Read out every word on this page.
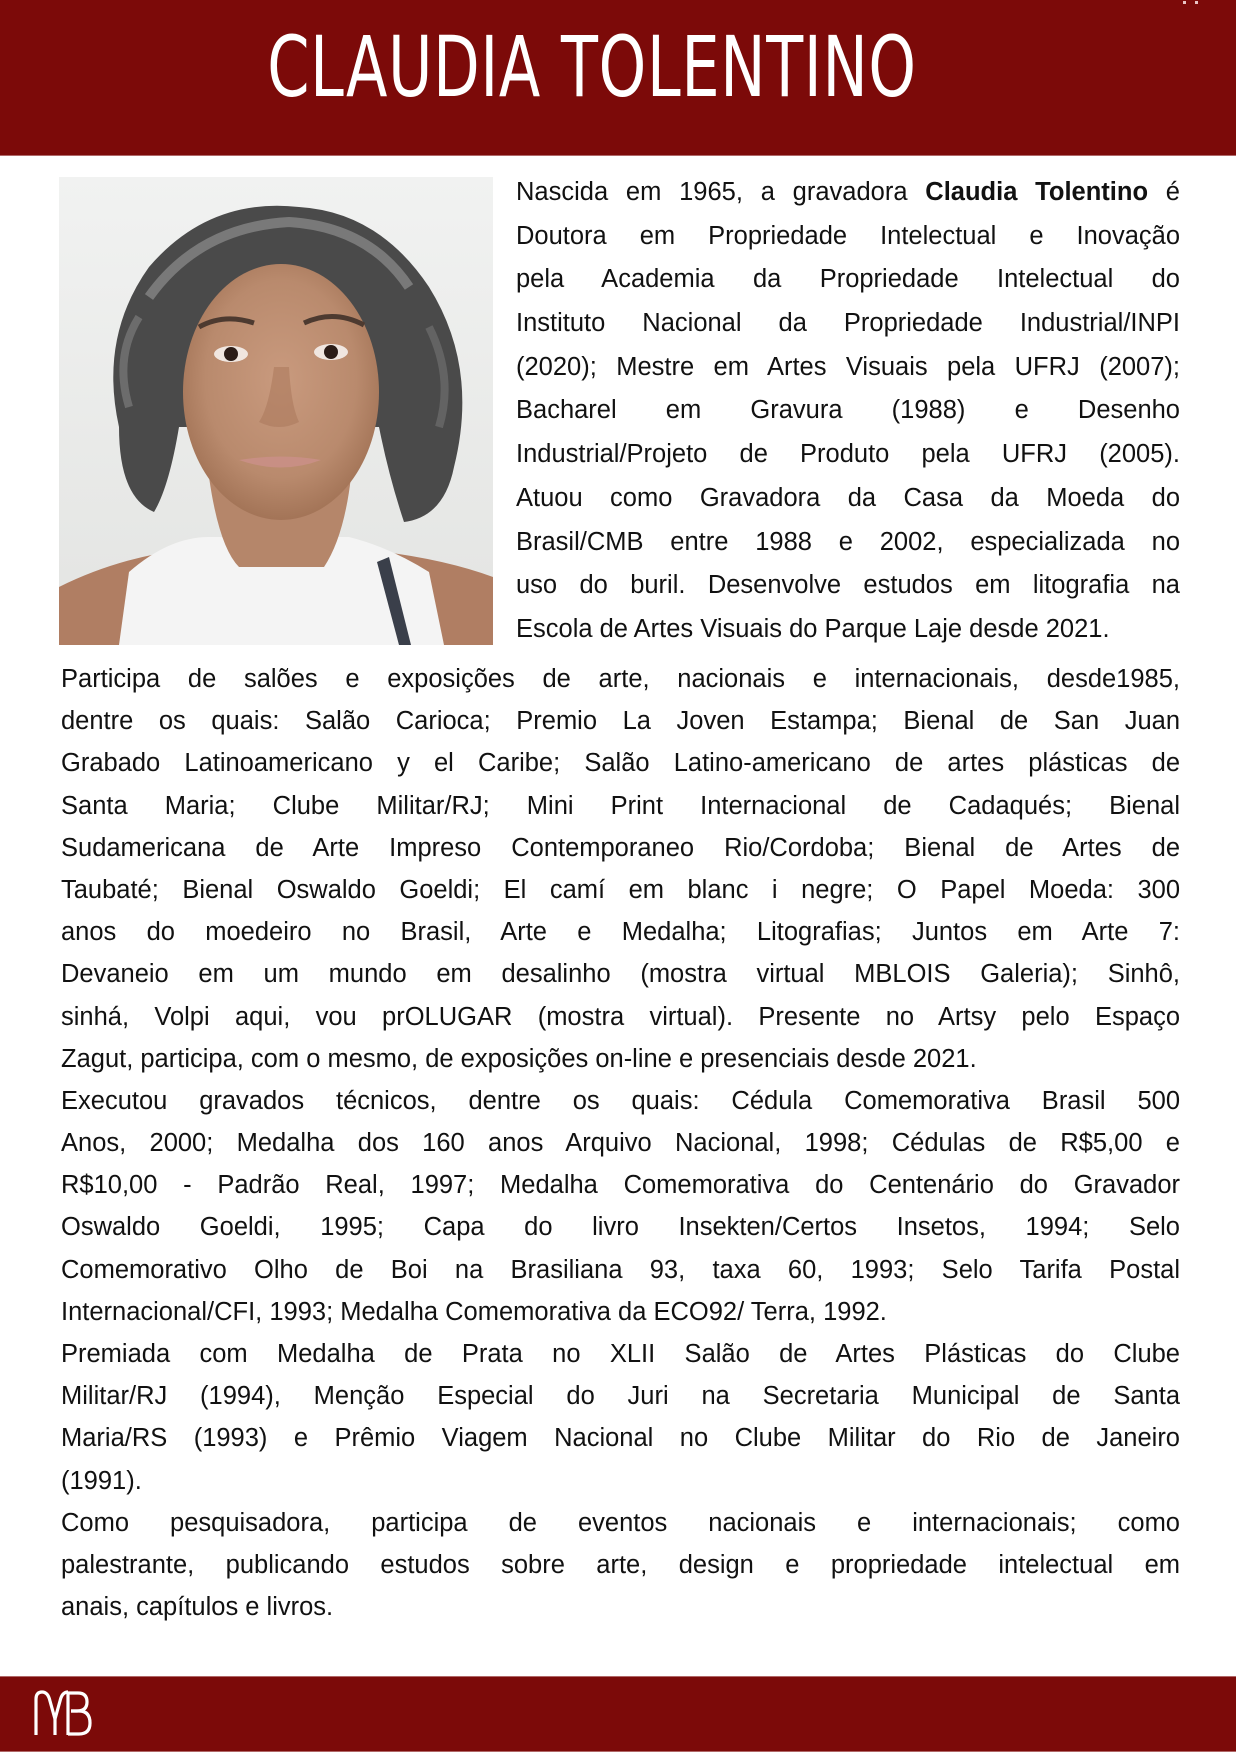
CLAUDIA TOLENTINO
Nascida em 1965, a gravadora Claudia Tolentino é
Doutora em Propriedade Intelectual e Inovação
pela Academia da Propriedade Intelectual do
Instituto Nacional da Propriedade Industrial/INPI
(2020); Mestre em Artes Visuais pela UFRJ (2007);
Bacharel em Gravura (1988) e Desenho
Industrial/Projeto de Produto pela UFRJ (2005).
Atuou como Gravadora da Casa da Moeda do
Brasil/CMB entre 1988 e 2002, especializada no
uso do buril. Desenvolve estudos em litografia na
Escola de Artes Visuais do Parque Laje desde 2021.
Participa de salões e exposições de arte, nacionais e internacionais, desde1985,
dentre os quais: Salão Carioca; Premio La Joven Estampa; Bienal de San Juan
Grabado Latinoamericano y el Caribe; Salão Latino-americano de artes plásticas de
Santa Maria; Clube Militar/RJ; Mini Print Internacional de Cadaqués; Bienal
Sudamericana de Arte Impreso Contemporaneo Rio/Cordoba; Bienal de Artes de
Taubaté; Bienal Oswaldo Goeldi; El camí em blanc i negre; O Papel Moeda: 300
anos do moedeiro no Brasil, Arte e Medalha; Litografias; Juntos em Arte 7:
Devaneio em um mundo em desalinho (mostra virtual MBLOIS Galeria); Sinhô,
sinhá, Volpi aqui, vou prOLUGAR (mostra virtual). Presente no Artsy pelo Espaço
Zagut, participa, com o mesmo, de exposições on-line e presenciais desde 2021.
Executou gravados técnicos, dentre os quais: Cédula Comemorativa Brasil 500
Anos, 2000; Medalha dos 160 anos Arquivo Nacional, 1998; Cédulas de R$5,00 e
R$10,00 - Padrão Real, 1997; Medalha Comemorativa do Centenário do Gravador
Oswaldo Goeldi, 1995; Capa do livro Insekten/Certos Insetos, 1994; Selo
Comemorativo Olho de Boi na Brasiliana 93, taxa 60, 1993; Selo Tarifa Postal
Internacional/CFI, 1993; Medalha Comemorativa da ECO92/ Terra, 1992.
Premiada com Medalha de Prata no XLII Salão de Artes Plásticas do Clube
Militar/RJ (1994), Menção Especial do Juri na Secretaria Municipal de Santa
Maria/RS (1993) e Prêmio Viagem Nacional no Clube Militar do Rio de Janeiro
(1991).
Como pesquisadora, participa de eventos nacionais e internacionais; como
palestrante, publicando estudos sobre arte, design e propriedade intelectual em
anais, capítulos e livros.
